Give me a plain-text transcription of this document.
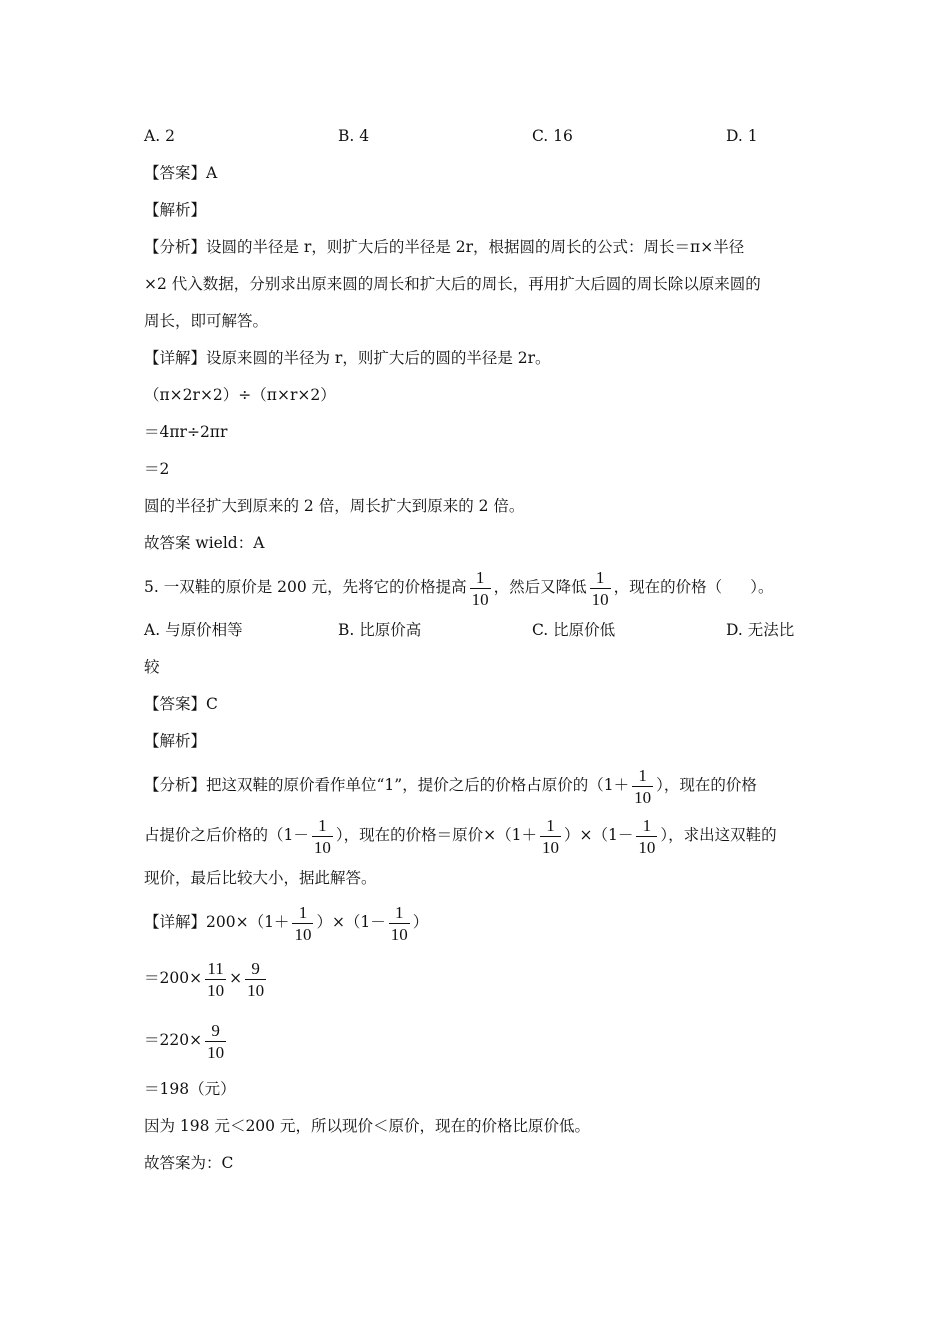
A. 2	B. 4	C. 16	D. 1
【答案】A
【解析】
【分析】设圆的半径是 r，则扩大后的半径是 2r，根据圆的周长的公式：周长＝π×半径
×2 代入数据，分别求出原来圆的周长和扩大后的周长，再用扩大后圆的周长除以原来圆的
周长，即可解答。
【详解】设原来圆的半径为 r，则扩大后的圆的半径是 2r。
（π×2r×2）÷（π×r×2）
＝4πr÷2πr
＝2
圆的半径扩大到原来的 2 倍，周长扩大到原来的 2 倍。
故答案 wield：A
5. 一双鞋的原价是 200 元，先将它的价格提高 $\frac{1}{10}$ ，然后又降低 $\frac{1}{10}$ ，现在的价格（ ）。
A. 与原价相等	B. 比原价高	C. 比原价低	D. 无法比
较
【答案】C
【解析】
【分析】把这双鞋的原价看作单位“1”，提价之后的价格占原价的（$1+ \frac{1}{10}$ ），现在的价格
占提价之后价格的（$1- \frac{1}{10}$ ），现在的价格＝原价$\times(1+ \frac{1}{10} )\times(1- \frac{1}{10}$ ），求出这双鞋的
现价，最后比较大小，据此解答。
【详解】$200\times(1+ \frac{1}{10} )\times(1- \frac{1}{10}$ ）
$=200\times \frac{11}{10} \times \frac{9}{10}$
$=220\times \frac{9}{10}$
＝198（元）
因为 198 元＜200 元，所以现价＜原价，现在的价格比原价低。
故答案为：C
